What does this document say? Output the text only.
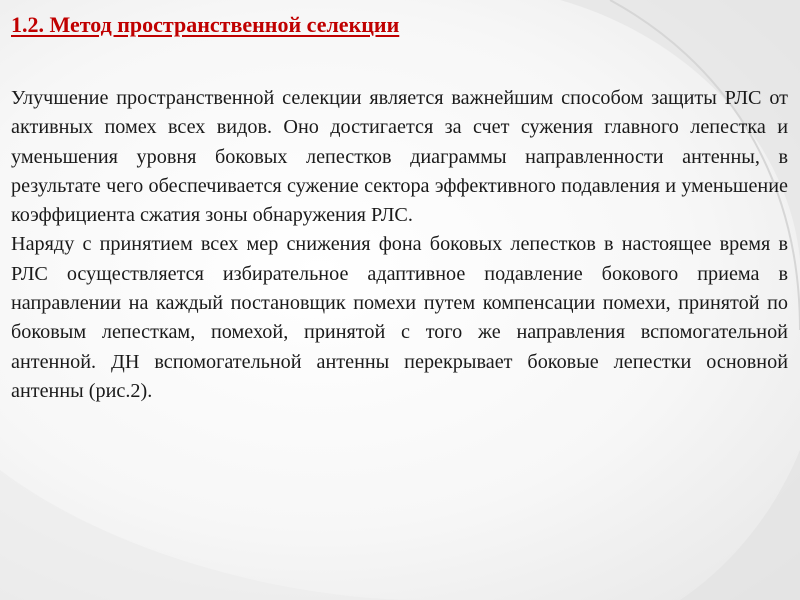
1.2. Метод пространственной селекции

Улучшение пространственной селекции является важнейшим способом защиты РЛС от активных помех всех видов. Оно достигается за счет сужения главного лепестка и уменьшения уровня боковых лепестков диаграммы направленности антенны, в результате чего обеспечивается сужение сектора эффективного подавления и уменьшение коэффициента сжатия зоны обнаружения РЛС.

Наряду с принятием всех мер снижения фона боковых лепестков в настоящее время в РЛС осуществляется избирательное адаптивное подавление бокового приема в направлении на каждый постановщик помехи путем компенсации помехи, принятой по боковым лепесткам, помехой, принятой с того же направления вспомогательной антенной. ДН вспомогательной антенны перекрывает боковые лепестки основной антенны (рис.2).
